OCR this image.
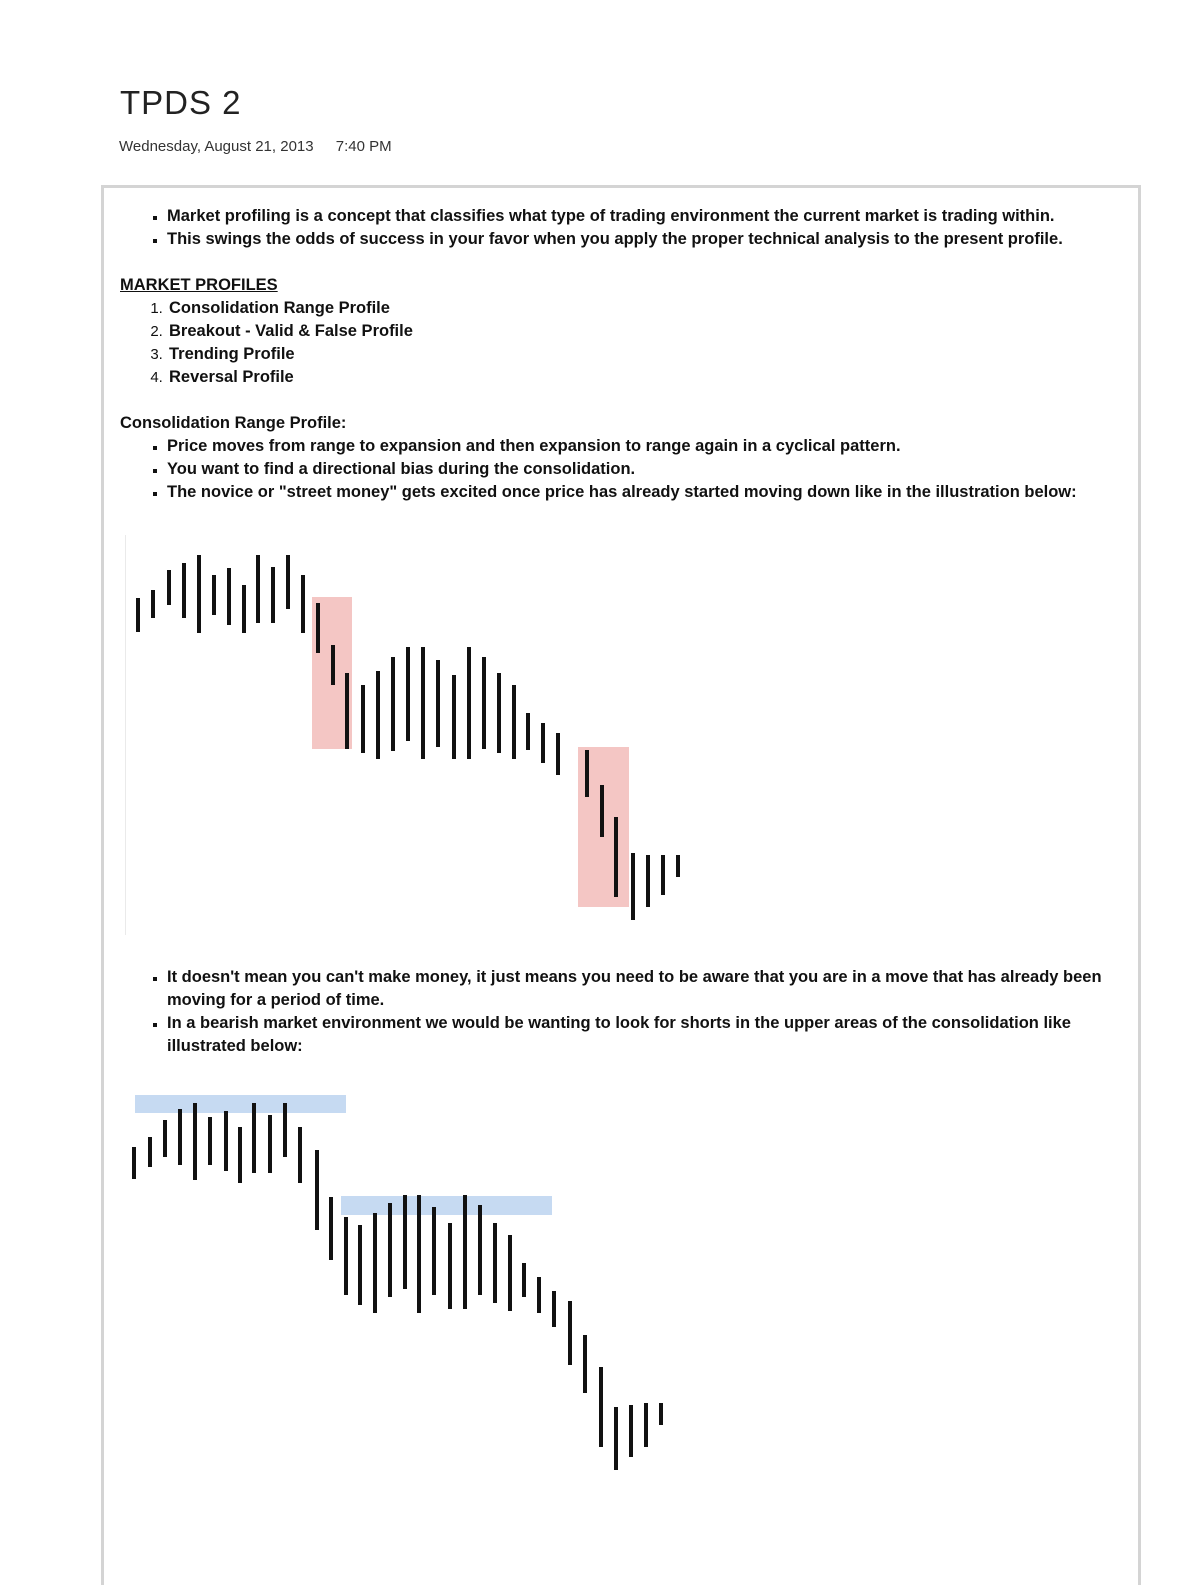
TPDS 2
Wednesday, August 21, 2013 7:40 PM
▪ Market profiling is a concept that classifies what type of trading environment the current market is trading within.
▪ This swings the odds of success in your favor when you apply the proper technical analysis to the present profile.

MARKET PROFILES

1. Consolidation Range Profile
2. Breakout - Valid & False Profile
3. Trending Profile
4. Reversal Profile

Consolidation Range Profile:

▪ Price moves from range to expansion and then expansion to range again in a cyclical pattern.
▪ You want to find a directional bias during the consolidation.
▪ The novice or "street money" gets excited once price has already started moving down like in the illustration below:
▪ It doesn't mean you can't make money, it just means you need to be aware that you are in a move that has already been moving for a period of time.
▪ In a bearish market environment we would be wanting to look for shorts in the upper areas of the consolidation like illustrated below:
